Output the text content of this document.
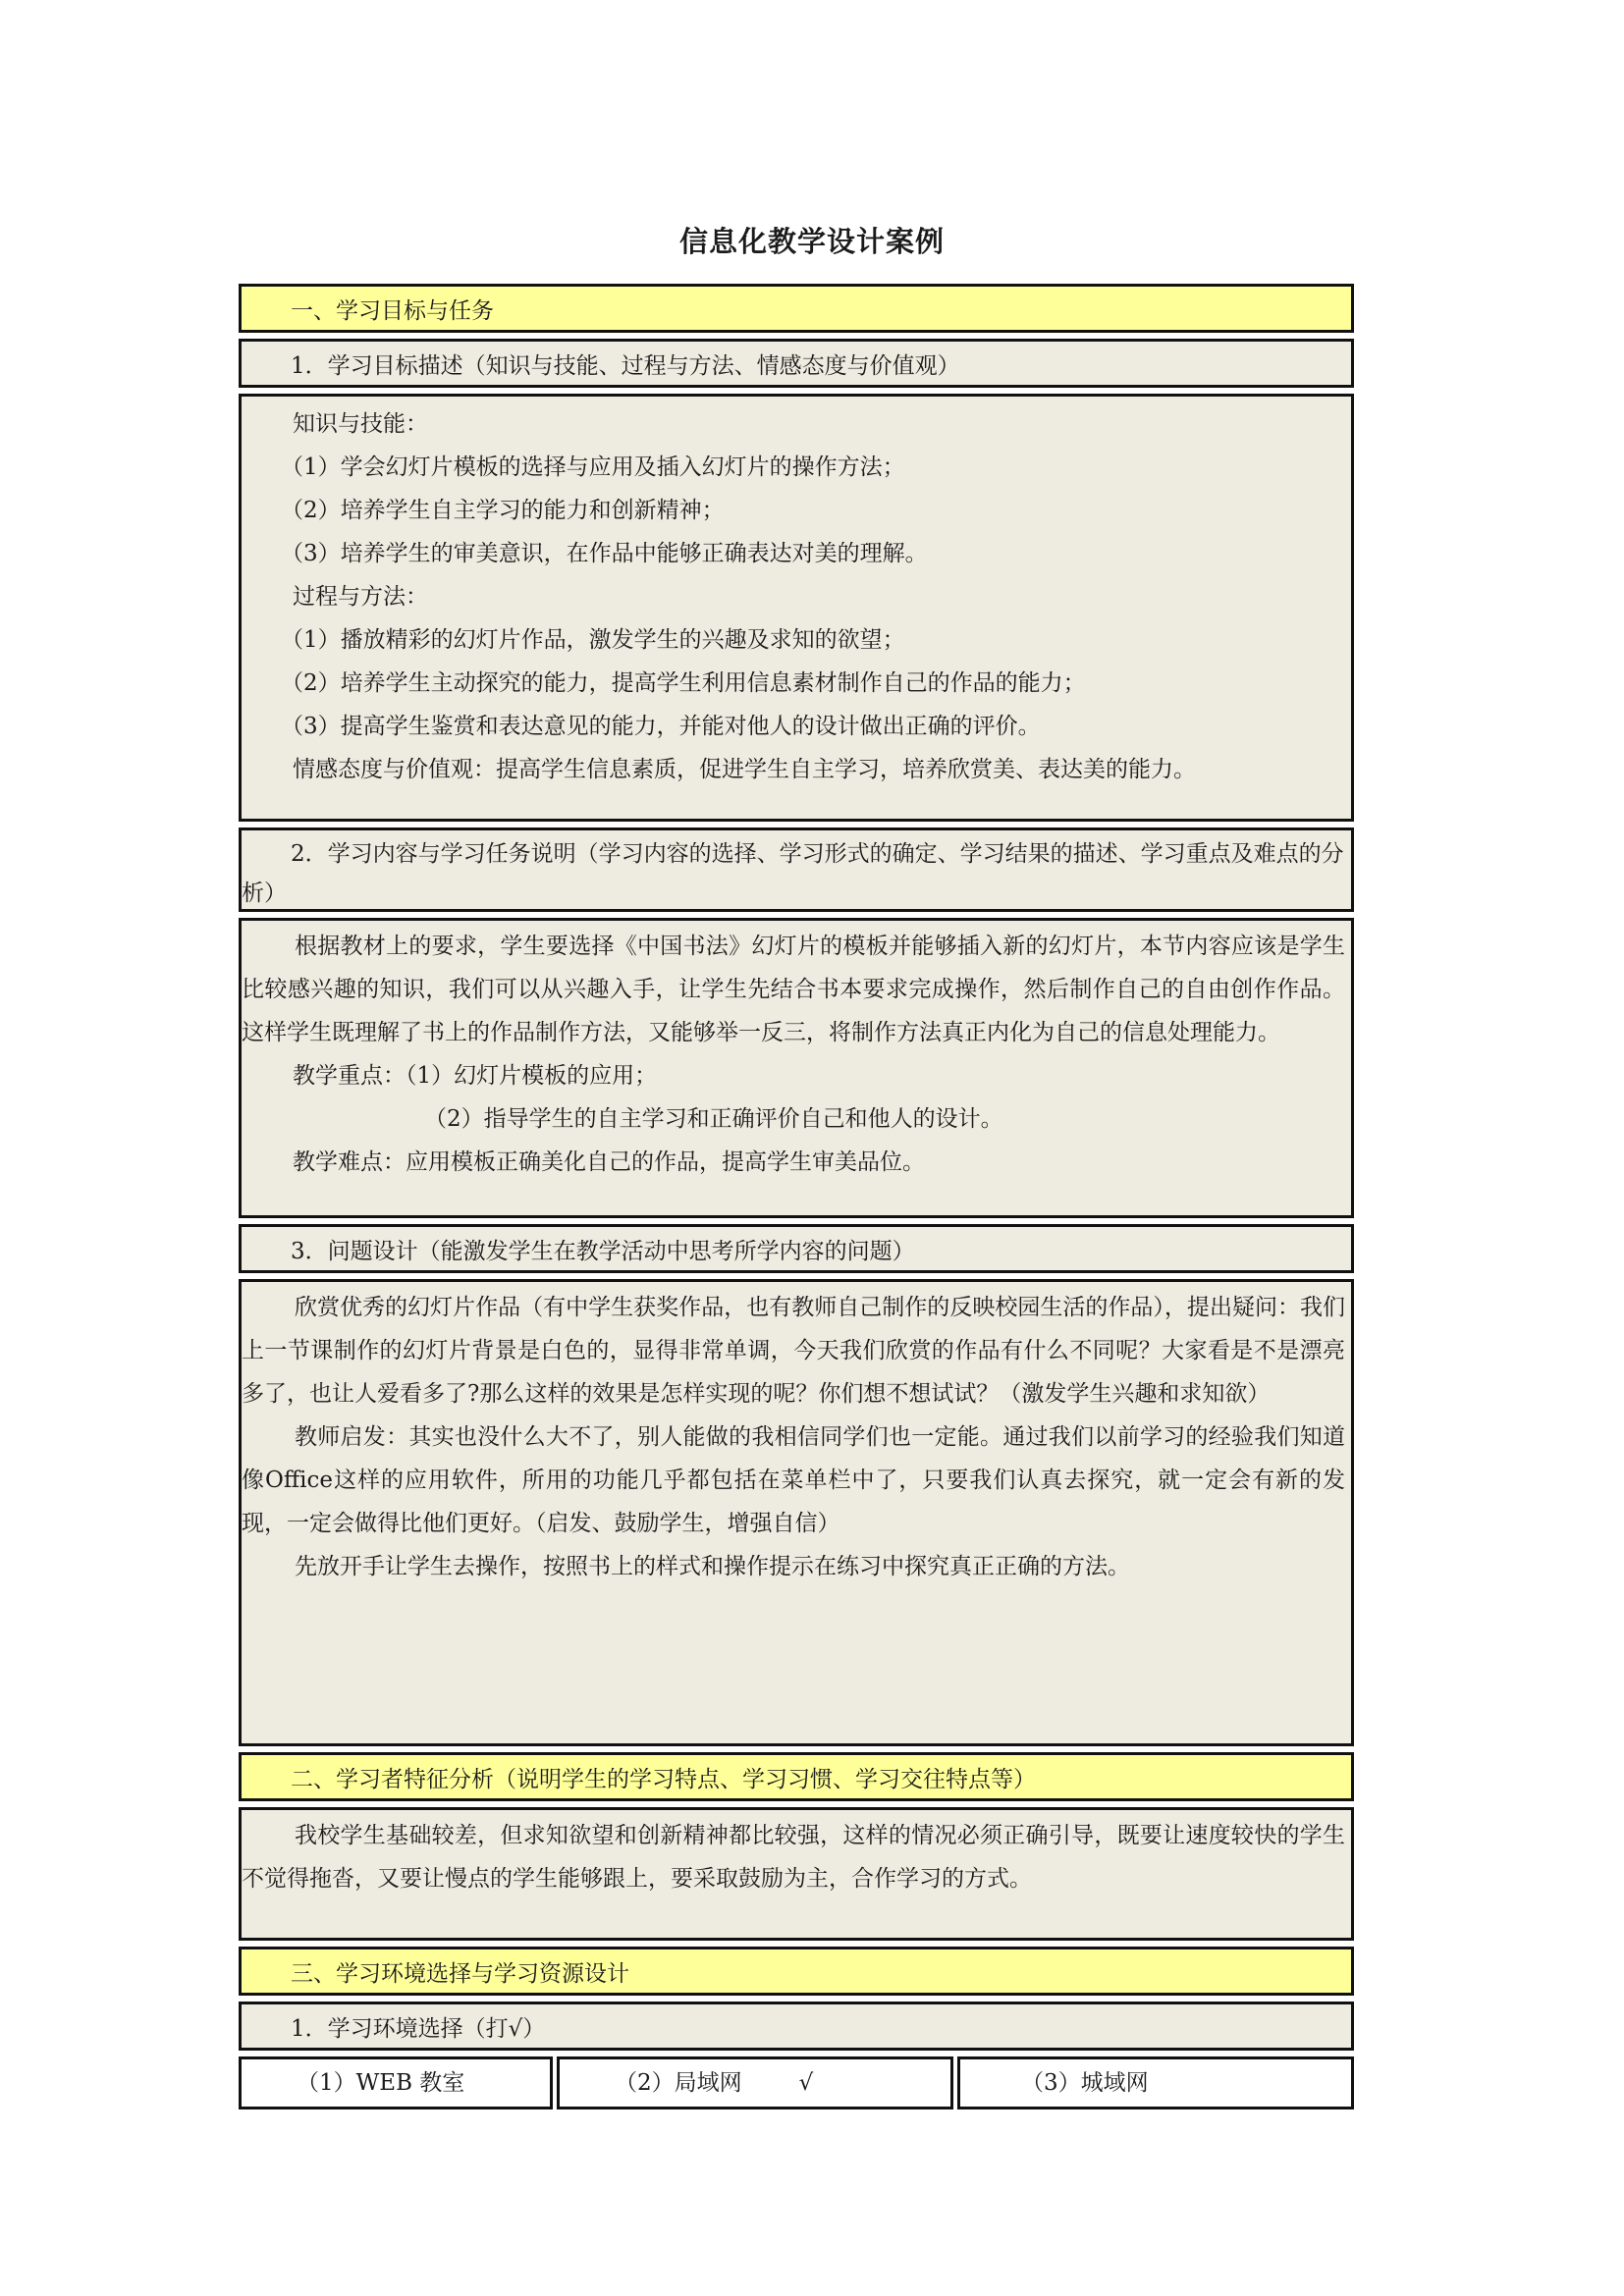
信息化教学设计案例
一、学习目标与任务
1．学习目标描述（知识与技能、过程与方法、情感态度与价值观）

知识与技能：

（1）学会幻灯片模板的选择与应用及插入幻灯片的操作方法；

（2）培养学生自主学习的能力和创新精神；

（3）培养学生的审美意识，在作品中能够正确表达对美的理解。

过程与方法：

（1）播放精彩的幻灯片作品，激发学生的兴趣及求知的欲望；

（2）培养学生主动探究的能力，提高学生利用信息素材制作自己的作品的能力；

（3）提高学生鉴赏和表达意见的能力，并能对他人的设计做出正确的评价。

情感态度与价值观：提高学生信息素质，促进学生自主学习，培养欣赏美、表达美的能力。

2．学习内容与学习任务说明（学习内容的选择、学习形式的确定、学习结果的描述、学习重点及难点的分析）

根据教材上的要求，学生要选择《中国书法》幻灯片的模板并能够插入新的幻灯片，本节内容应该是学生比较感兴趣的知识，我们可以从兴趣入手，让学生先结合书本要求完成操作，然后制作自己的自由创作作品。这样学生既理解了书上的作品制作方法，又能够举一反三，将制作方法真正内化为自己的信息处理能力。

教学重点：（1）幻灯片模板的应用；

（2）指导学生的自主学习和正确评价自己和他人的设计。

教学难点：应用模板正确美化自己的作品，提高学生审美品位。

3．问题设计（能激发学生在教学活动中思考所学内容的问题）

欣赏优秀的幻灯片作品（有中学生获奖作品，也有教师自己制作的反映校园生活的作品），提出疑问：我们上一节课制作的幻灯片背景是白色的，显得非常单调，今天我们欣赏的作品有什么不同呢？大家看是不是漂亮多了，也让人爱看多了?那么这样的效果是怎样实现的呢？你们想不想试试？（激发学生兴趣和求知欲）

教师启发：其实也没什么大不了，别人能做的我相信同学们也一定能。通过我们以前学习的经验我们知道像Office这样的应用软件，所用的功能几乎都包括在菜单栏中了，只要我们认真去探究，就一定会有新的发现，一定会做得比他们更好。（启发、鼓励学生，增强自信）

先放开手让学生去操作，按照书上的样式和操作提示在练习中探究真正正确的方法。

二、学习者特征分析（说明学生的学习特点、学习习惯、学习交往特点等）

我校学生基础较差，但求知欲望和创新精神都比较强，这样的情况必须正确引导，既要让速度较快的学生不觉得拖沓，又要让慢点的学生能够跟上，要采取鼓励为主，合作学习的方式。

三、学习环境选择与学习资源设计
1．学习环境选择（打√）
（1）WEB 教室	（2）局域网	√	（3）城域网
